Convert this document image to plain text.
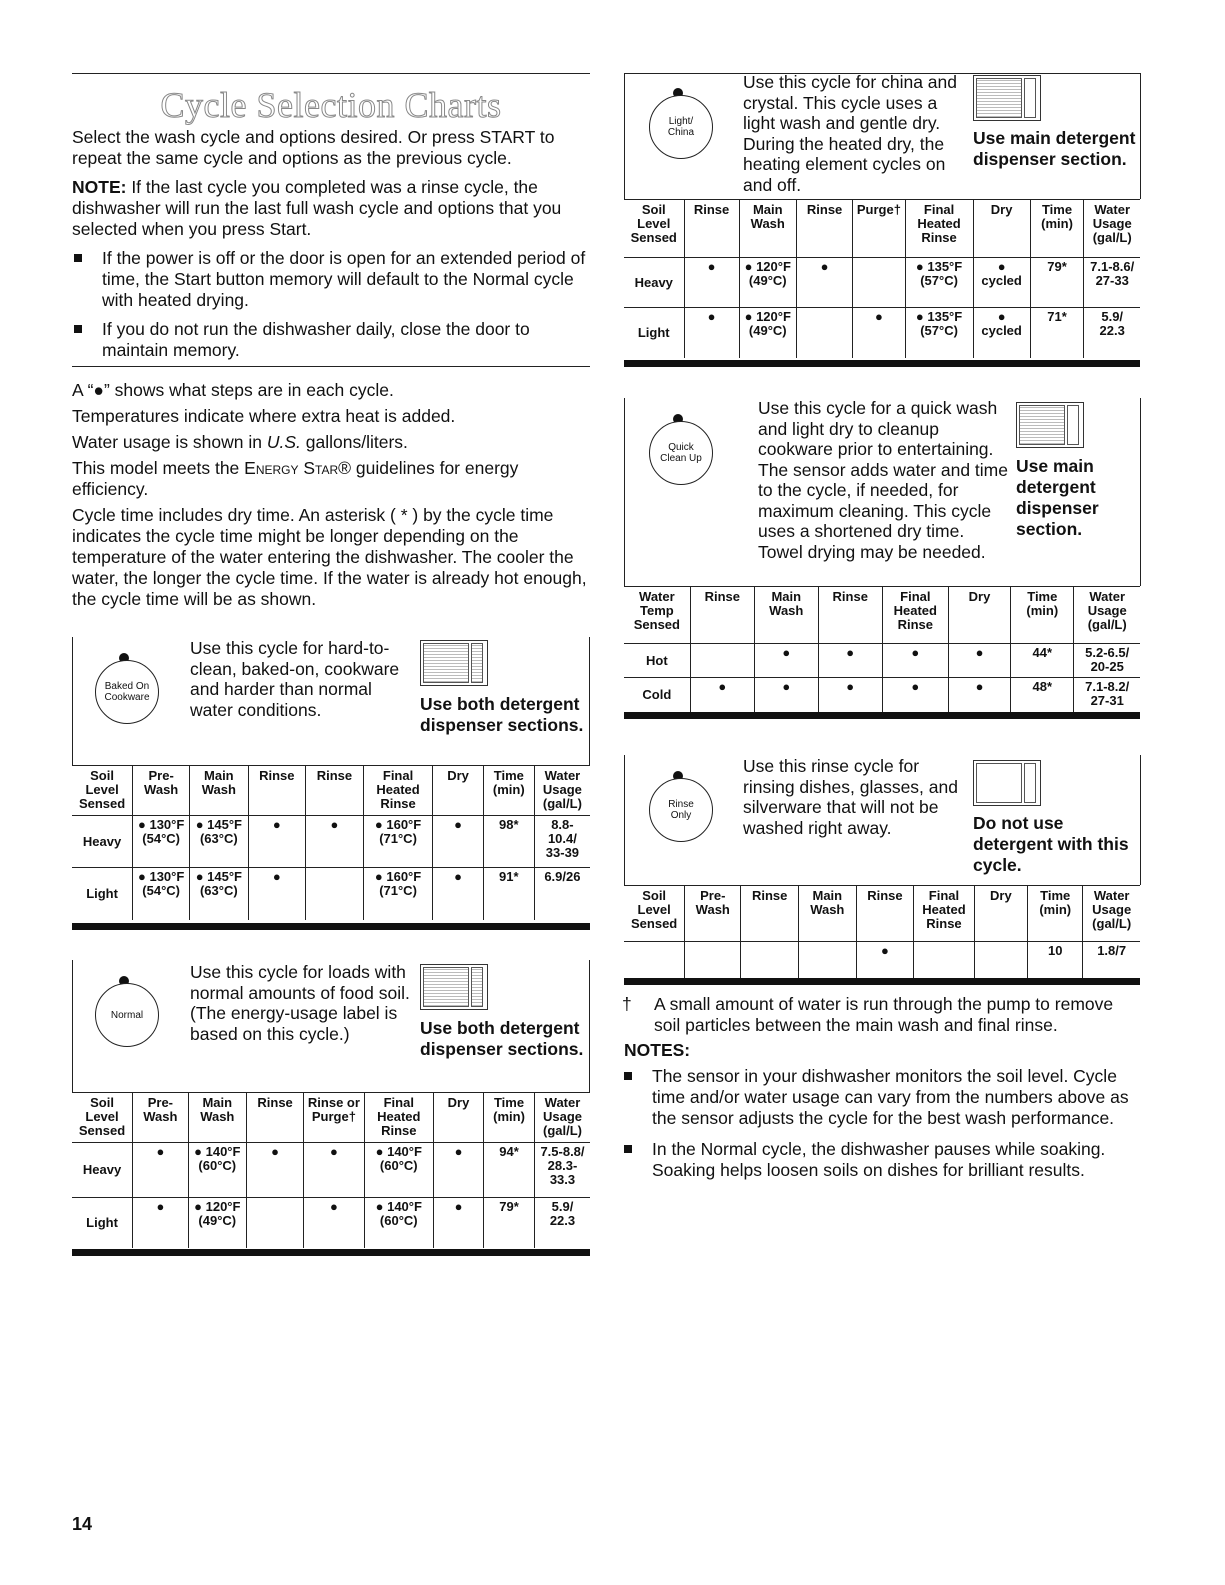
Cycle Selection Charts

Select the wash cycle and options desired. Or press START to repeat the same cycle and options as the previous cycle.

NOTE: If the last cycle you completed was a rinse cycle, the dishwasher will run the last full wash cycle and options that you selected when you press Start.

If the power is off or the door is open for an extended period of time, the Start button memory will default to the Normal cycle with heated drying.
If you do not run the dishwasher daily, close the door to maintain memory.

A “●” shows what steps are in each cycle.

Temperatures indicate where extra heat is added.

Water usage is shown in U.S. gallons/liters.

This model meets the Energy Star® guidelines for energy efficiency.

Cycle time includes dry time. An asterisk ( * ) by the cycle time indicates the cycle time might be longer depending on the temperature of the water entering the dishwasher. The cooler the water, the longer the cycle time. If the water is already hot enough, the cycle time will be as shown.

Baked On
Cookware
Use this cycle for hard-to-clean, baked-on, cookware and harder than normal water conditions.	Use both detergent dispenser sections.
Soil Level Sensed	Pre- Wash	Main Wash	Rinse	Rinse	Final Heated Rinse	Dry	Time (min)	Water Usage (gal/L)
Heavy	● 130°F (54°C)	● 145°F (63°C)	●	●	● 160°F (71°C)	●	98*	8.8-10.4/ 33-39
Light	● 130°F (54°C)	● 145°F (63°C)	●		● 160°F (71°C)	●	91*	6.9/26
Normal
Use this cycle for loads with normal amounts of food soil. (The energy-usage label is based on this cycle.)	Use both detergent dispenser sections.
Soil Level Sensed	Pre- Wash	Main Wash	Rinse	Rinse or Purge†	Final Heated Rinse	Dry	Time (min)	Water Usage (gal/L)
Heavy	●	● 140°F (60°C)	●	●	● 140°F (60°C)	●	94*	7.5-8.8/ 28.3- 33.3
Light	●	● 120°F (49°C)		●	● 140°F (60°C)	●	79*	5.9/ 22.3
14
Light/
China
Use this cycle for china and crystal. This cycle uses a light wash and gentle dry. During the heated dry, the heating element cycles on and off.
Use main detergent dispenser section.
Soil Level Sensed	Rinse	Main Wash	Rinse	Purge†	Final Heated Rinse	Dry	Time (min)	Water Usage (gal/L)
Heavy	●	● 120°F (49°C)	●		● 135°F (57°C)	● cycled	79*	7.1-8.6/ 27-33
Light	●	● 120°F (49°C)		●	● 135°F (57°C)	● cycled	71*	5.9/ 22.3
Quick
Clean Up
Use this cycle for a quick wash and light dry to cleanup cookware prior to entertaining. The sensor adds water and time to the cycle, if needed, for maximum cleaning. This cycle uses a shortened dry time. Towel drying may be needed.
Use main detergent dispenser section.
Water Temp Sensed	Rinse	Main Wash	Rinse	Final Heated Rinse	Dry	Time (min)	Water Usage (gal/L)
Hot		●	●	●	●	44*	5.2-6.5/ 20-25
Cold	●	●	●	●	●	48*	7.1-8.2/ 27-31
Rinse
Only
Use this rinse cycle for rinsing dishes, glasses, and silverware that will not be washed right away.	Do not use detergent with this cycle.
Soil Level Sensed	Pre- Wash	Rinse	Main Wash	Rinse	Final Heated Rinse	Dry	Time (min)	Water Usage (gal/L)
				●			10	1.8/7
†	A small amount of water is run through the pump to remove soil particles between the main wash and final rinse.
NOTES:
The sensor in your dishwasher monitors the soil level. Cycle time and/or water usage can vary from the numbers above as the sensor adjusts the cycle for the best wash performance.
In the Normal cycle, the dishwasher pauses while soaking. Soaking helps loosen soils on dishes for brilliant results.
